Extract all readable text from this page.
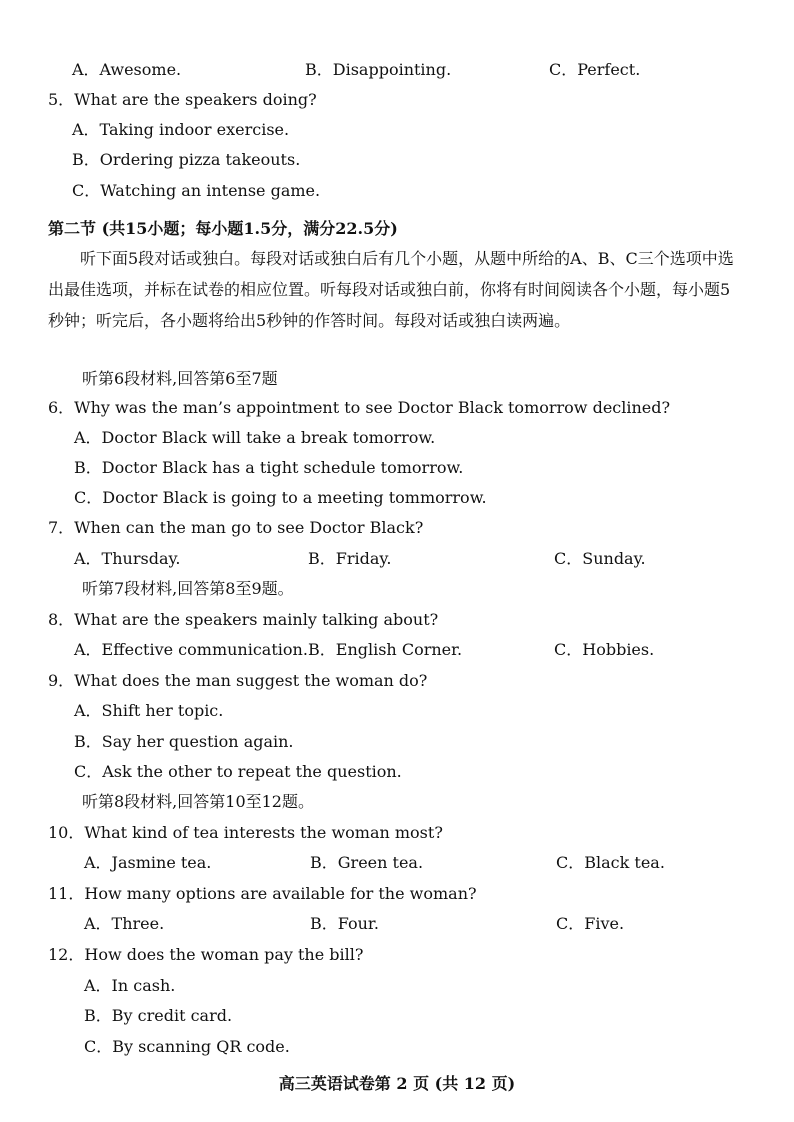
A．Awesome.	B．Disappointing.	C．Perfect.
5．What are the speakers doing?
A．Taking indoor exercise.
B．Ordering pizza takeouts.
C．Watching an intense game.
第二节 (共15小题；每小题1.5分，满分22.5分)
听下面5段对话或独白。每段对话或独白后有几个小题，从题中所给的A、B、C三个选项中选出最佳选项，并标在试卷的相应位置。听每段对话或独白前，你将有时间阅读各个小题，每小题5秒钟；听完后，各小题将给出5秒钟的作答时间。每段对话或独白读两遍。
听第6段材料,回答第6至7题
6．Why was the man’s appointment to see Doctor Black tomorrow declined?
A．Doctor Black will take a break tomorrow.
B．Doctor Black has a tight schedule tomorrow.
C．Doctor Black is going to a meeting tommorrow.
7．When can the man go to see Doctor Black?
A．Thursday.	B．Friday.	C．Sunday.
听第7段材料,回答第8至9题。
8．What are the speakers mainly talking about?
A．Effective communication. B．English Corner.	C．Hobbies.
9．What does the man suggest the woman do?
A．Shift her topic.
B．Say her question again.
C．Ask the other to repeat the question.
听第8段材料,回答第10至12题。
10．What kind of tea interests the woman most?
A．Jasmine tea.	B．Green tea.	C．Black tea.
11．How many options are available for the woman?
A．Three.	B．Four.	C．Five.
12．How does the woman pay the bill?
A．In cash.
B．By credit card.
C．By scanning QR code.
高三英语试卷第 2 页 (共 12 页)
